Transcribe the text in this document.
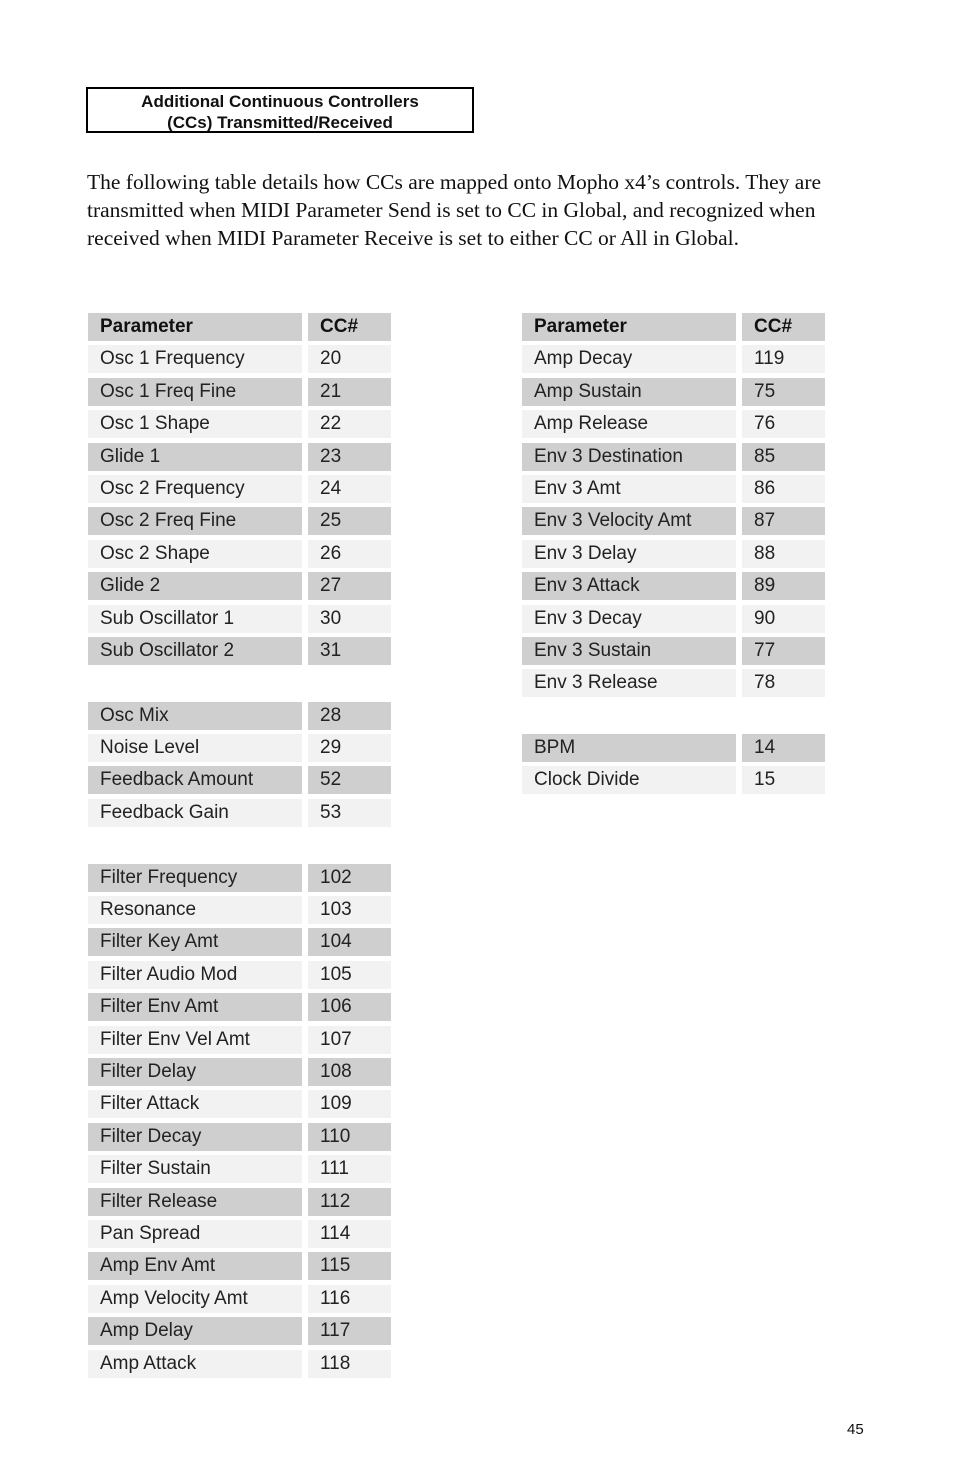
Additional Continuous Controllers
(CCs) Transmitted/Received

The following table details how CCs are mapped onto Mopho x4’s controls. They are transmitted when MIDI Parameter Send is set to CC in Global, and recognized when received when MIDI Parameter Receive is set to either CC or All in Global.

Parameter	CC#
Osc 1 Frequency	20
Osc 1 Freq Fine	21
Osc 1 Shape	22
Glide 1	23
Osc 2 Frequency	24
Osc 2 Freq Fine	25
Osc 2 Shape	26
Glide 2	27
Sub Oscillator 1	30
Sub Oscillator 2	31
Osc Mix	28
Noise Level	29
Feedback Amount	52
Feedback Gain	53
Filter Frequency	102
Resonance	103
Filter Key Amt	104
Filter Audio Mod	105
Filter Env Amt	106
Filter Env Vel Amt	107
Filter Delay	108
Filter Attack	109
Filter Decay	110
Filter Sustain	111
Filter Release	112
Pan Spread	114
Amp Env Amt	115
Amp Velocity Amt	116
Amp Delay	117
Amp Attack	118
Parameter	CC#
Amp Decay	119
Amp Sustain	75
Amp Release	76
Env 3 Destination	85
Env 3 Amt	86
Env 3 Velocity Amt	87
Env 3 Delay	88
Env 3 Attack	89
Env 3 Decay	90
Env 3 Sustain	77
Env 3 Release	78
BPM	14
Clock Divide	15
45
